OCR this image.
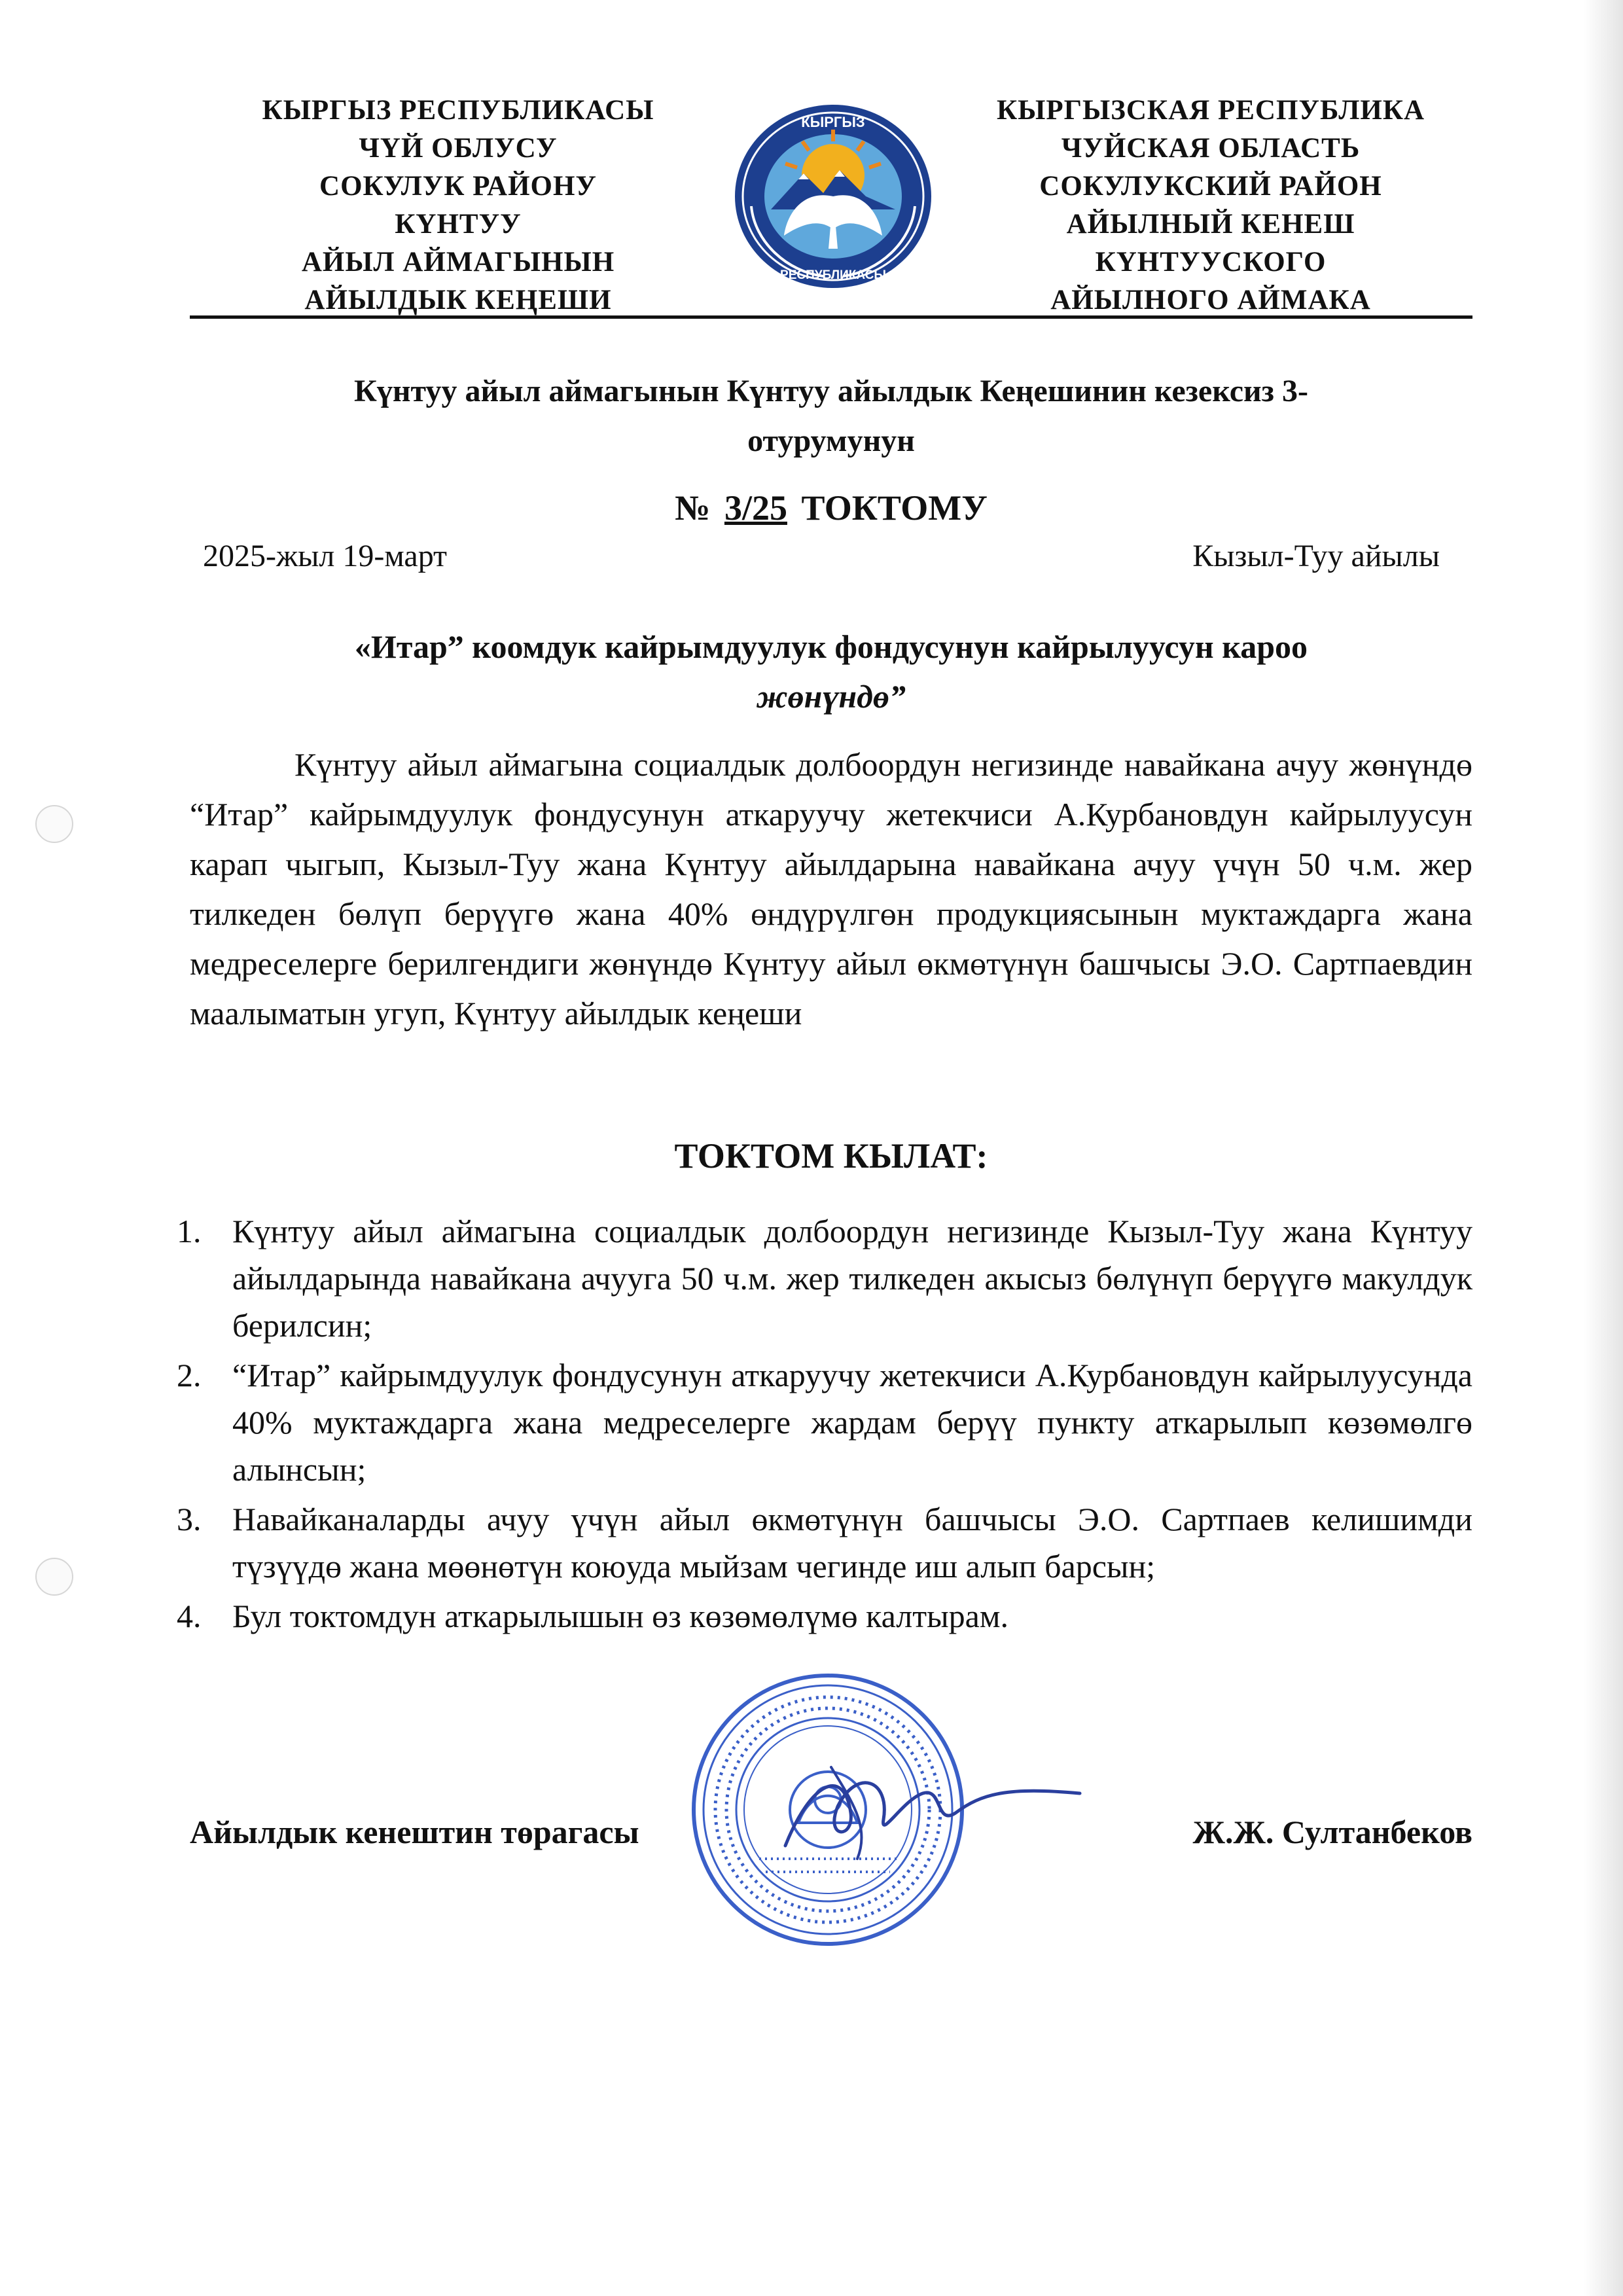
КЫРГЫЗ РЕСПУБЛИКАСЫ
ЧҮЙ ОБЛУСУ
СОКУЛУК РАЙОНУ
КҮНТУУ
АЙЫЛ АЙМАГЫНЫН
АЙЫЛДЫК КЕҢЕШИ
КЫРГЫЗ
РЕСПУБЛИКАСЫ
КЫРГЫЗСКАЯ РЕСПУБЛИКА
ЧУЙСКАЯ ОБЛАСТЬ
СОКУЛУКСКИЙ РАЙОН
АЙЫЛНЫЙ КЕНЕШ
КҮНТУУСКОГО
АЙЫЛНОГО АЙМАКА
Күнтуу айыл аймагынын Күнтуу айылдык Кеңешинин кезексиз 3-
отурумунун
№ 3/25 ТОКТОМУ
2025-жыл 19-март	Кызыл-Туу айылы
«Итар” коомдук кайрымдуулук фондусунун кайрылуусун кароо
жөнүндө”

Күнтуу айыл аймагына социалдык долбоордун негизинде навайкана ачуу жөнүндө “Итар” кайрымдуулук фондусунун аткаруучу жетекчиси А.Курбановдун кайрылуусун карап чыгып, Кызыл-Туу жана Күнтуу айылдарына навайкана ачуу үчүн 50 ч.м. жер тилкеден бөлүп берүүгө жана 40% өндүрүлгөн продукциясынын муктаждарга жана медреселерге берилгендиги жөнүндө Күнтуу айыл өкмөтүнүн башчысы Э.О. Сартпаевдин маалыматын угуп, Күнтуу айылдык кеңеши

ТОКТОМ КЫЛАТ:
1. Күнтуу айыл аймагына социалдык долбоордун негизинде Кызыл-Туу жана Күнтуу айылдарында навайкана ачууга 50 ч.м. жер тилкеден акысыз бөлүнүп берүүгө макулдук берилсин;
2. “Итар” кайрымдуулук фондусунун аткаруучу жетекчиси А.Курбановдун кайрылуусунда 40% муктаждарга жана медреселерге жардам берүү пункту аткарылып көзөмөлгө алынсын;
3. Навайканаларды ачуу үчүн айыл өкмөтүнүн башчысы Э.О. Сартпаев келишимди түзүүдө жана мөөнөтүн коюуда мыйзам чегинде иш алып барсын;
4. Бул токтомдун аткарылышын өз көзөмөлүмө калтырам.
Айылдык кенештин төрагасы	Ж.Ж. Султанбеков
